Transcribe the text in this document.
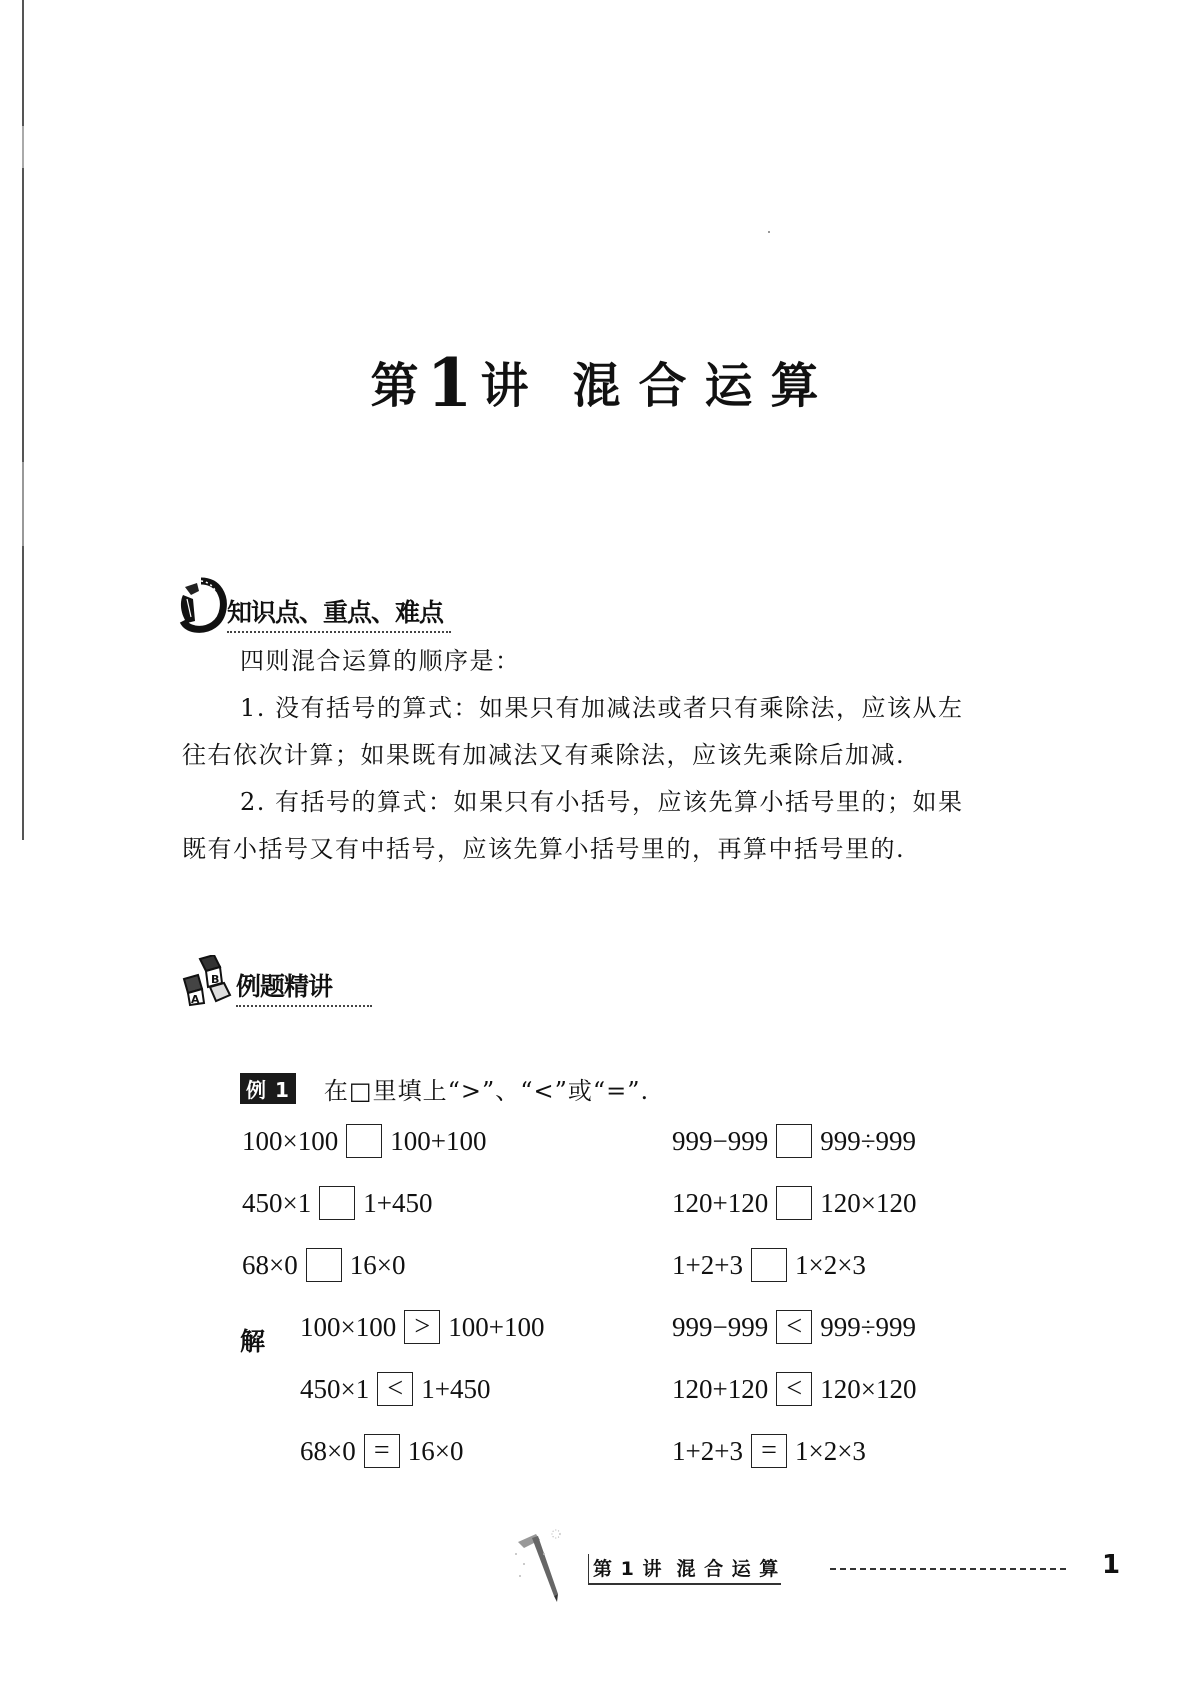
第1 讲 混 合 运 算
知识点、重点、难点

四则混合运算的顺序是：

1. 没有括号的算式：如果只有加减法或者只有乘除法，应该从左

往右依次计算；如果既有加减法又有乘除法，应该先乘除后加减.

2. 有括号的算式：如果只有小括号，应该先算小括号里的；如果

既有小括号又有中括号，应该先算小括号里的，再算中括号里的.

B
A 例题精讲
例 1 在□里填上“>”、“<”或“=”.
100×100 100+100	999−999 999÷999
450×1 1+450	120+120 120×120
68×0 16×0	1+2+3 1×2×3
解 100×100 > 100+100	999−999 < 999÷999
450×1 < 1+450	120+120 < 120×120
68×0 = 16×0	1+2+3 = 1×2×3
第 1 讲 混 合 运 算	1
